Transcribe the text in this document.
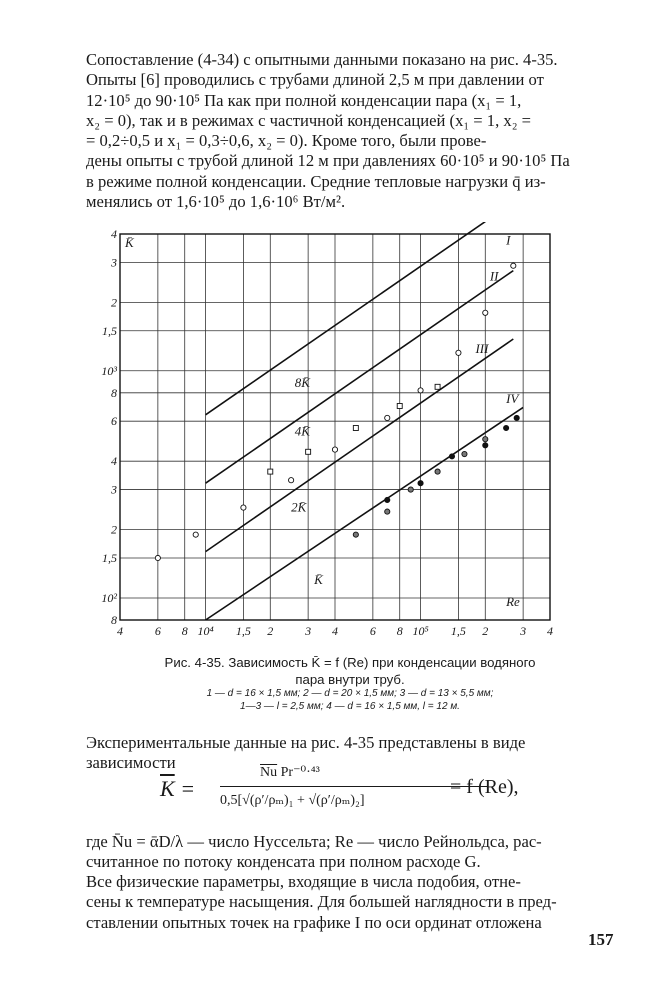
Сопоставление (4-34) с опытными данными показано на рис. 4-35.
Опыты [6] проводились с трубами длиной 2,5 м при давлении от
12·10⁵ до 90·10⁵ Па как при полной конденсации пара (x₁ = 1,
x₂ = 0), так и в режимах с частичной конденсацией (x₁ = 1, x₂ =
= 0,2÷0,5 и x₁ = 0,3÷0,6, x₂ = 0). Кроме того, были прове-
дены опыты с трубой длиной 12 м при давлениях 60·10⁵ и 90·10⁵ Па
в режиме полной конденсации. Средние тепловые нагрузки q̄ из-
менялись от 1,6·10⁵ до 1,6·10⁶ Вт/м².

4	6 8 10⁴ 1,5 2	3 4	6 8 10⁵ 1,5 2	3 4
4
3
2
1,5
10³
8
6
4
3
2
1,5
10²
8
K̄
Re
IV
III
II
I
8K̄
4K̄
2K̄
K̄
Рис. 4-35. Зависимость K̄ = f (Re) при конденсации водяного
пара внутри труб.
1 — d = 16 × 1,5 мм; 2 — d = 20 × 1,5 мм; 3 — d = 13 × 5,5 мм;
1—3 — l = 2,5 мм; 4 — d = 16 × 1,5 мм, l = 12 м.

Экспериментальные данные на рис. 4-35 представлены в виде
зависимости

$\overline{K}$ =
$\overline{Nu}$ Pr⁻⁰·⁴³
0,5[√(ρ′/ρₘ)₁ + √(ρ′/ρₘ)₂]
= f (Re),

где N̄u = ᾱD/λ — число Нуссельта; Re — число Рейнольдса, рас-
считанное по потоку конденсата при полном расходе G.

Все физические параметры, входящие в числа подобия, отне-
сены к температуре насыщения. Для большей наглядности в пред-
ставлении опытных точек на графике I по оси ординат отложена

157
